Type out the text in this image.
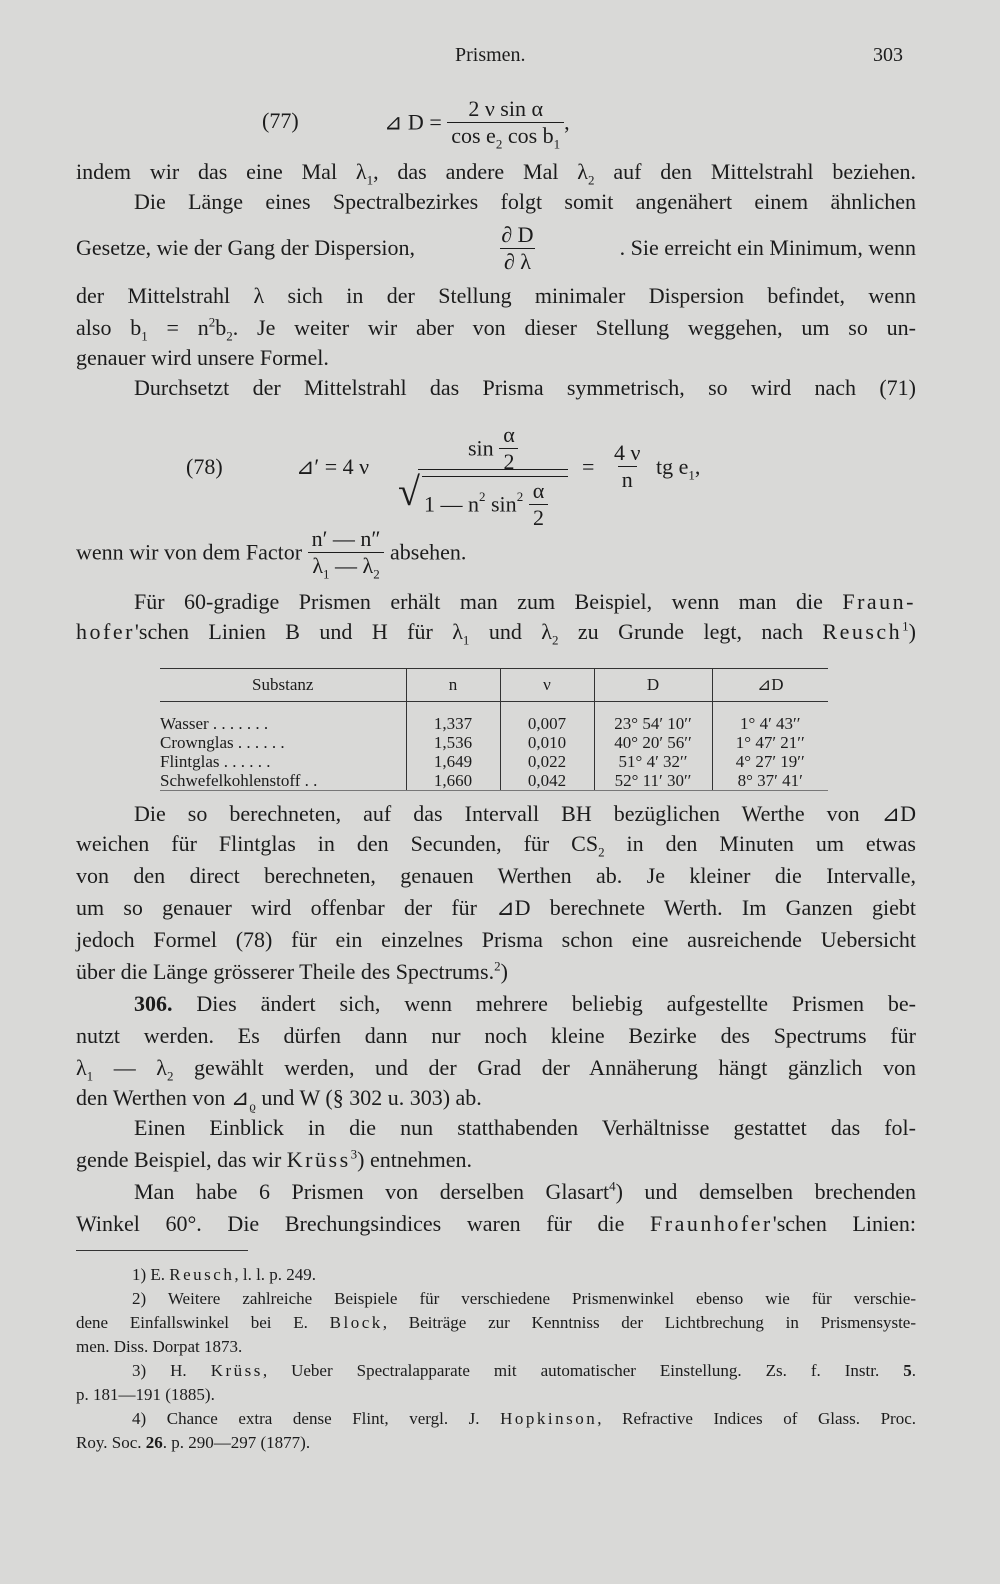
Prismen.	303
(77)	⊿ $D = \frac{\text{2 ν sin α}}{\cos e_2 \cos b_1}$ ,
indem wir das eine Mal $\lambda_1$, das andere Mal $\lambda_2$ auf den Mittelstrahl beziehen.
Die Länge eines Spectralbezirkes folgt somit angenähert einem ähnlichen
Gesetze, wie der Gang der Dispersion,	$\frac{\partial D}{\partial \lambda}$	. Sie erreicht ein Minimum, wenn
der Mittelstrahl λ sich in der Stellung minimaler Dispersion befindet, wenn
also $b_1 = n^2b_2$. Je weiter wir aber von dieser Stellung weggehen, um so un-
genauer wird unsere Formel.
Durchsetzt der Mittelstrahl das Prisma symmetrisch, so wird nach (71)
(78)	⊿′ = 4 ν
$\sin \frac{\alpha}{2}$
√ 1 — $n^2$ $\sin^2 \frac{\alpha}{2}$
= $\frac{4 \nu}{n}$ tg $e_1$,
wenn wir von dem Factor $\frac{n' — n''}{\lambda_1 — \lambda_2}$ absehen.
Für 60-gradige Prismen erhält man zum Beispiel, wenn man die Fraun-
hofer'schen Linien B und H für $\lambda_1$ und $\lambda_2$ zu Grunde legt, nach Reusch$^1$)
Substanz	n	ν	D	⊿D
Wasser . . . . . . .	1,337	0,007	23° 54′ 10′′	1° 4′ 43′′
Crownglas . . . . . .	1,536	0,010	40° 20′ 56′′	1° 47′ 21′′
Flintglas . . . . . .	1,649	0,022	51° 4′ 32′′	4° 27′ 19′′
Schwefelkohlenstoff . .	1,660	0,042	52° 11′ 30′′	8° 37′ 41′
Die so berechneten, auf das Intervall BH bezüglichen Werthe von ⊿D
weichen für Flintglas in den Secunden, für $CS_2$ in den Minuten um etwas
von den direct berechneten, genauen Werthen ab. Je kleiner die Intervalle,
um so genauer wird offenbar der für ⊿D berechnete Werth. Im Ganzen giebt
jedoch Formel (78) für ein einzelnes Prisma schon eine ausreichende Uebersicht
über die Länge grösserer Theile des Spectrums.$^2$)
306. Dies ändert sich, wenn mehrere beliebig aufgestellte Prismen be-
nutzt werden. Es dürfen dann nur noch kleine Bezirke des Spectrums für
$\lambda_1$ — $\lambda_2$ gewählt werden, und der Grad der Annäherung hängt gänzlich von
den Werthen von $⊿_ϱ$ und W (§ 302 u. 303) ab.
Einen Einblick in die nun statthabenden Verhältnisse gestattet das fol-
gende Beispiel, das wir Krüss$^3$) entnehmen.
Man habe 6 Prismen von derselben Glasart$^4$) und demselben brechenden
Winkel 60°. Die Brechungsindices waren für die Fraunhofer'schen Linien:
1) E. Reusch, l. l. p. 249.
2) Weitere zahlreiche Beispiele für verschiedene Prismenwinkel ebenso wie für verschie-
dene Einfallswinkel bei E. Block, Beiträge zur Kenntniss der Lichtbrechung in Prismensyste-
men. Diss. Dorpat 1873.
3) H. Krüss, Ueber Spectralapparate mit automatischer Einstellung. Zs. f. Instr. 5.
p. 181—191 (1885).
4) Chance extra dense Flint, vergl. J. Hopkinson, Refractive Indices of Glass. Proc.
Roy. Soc. 26. p. 290—297 (1877).
